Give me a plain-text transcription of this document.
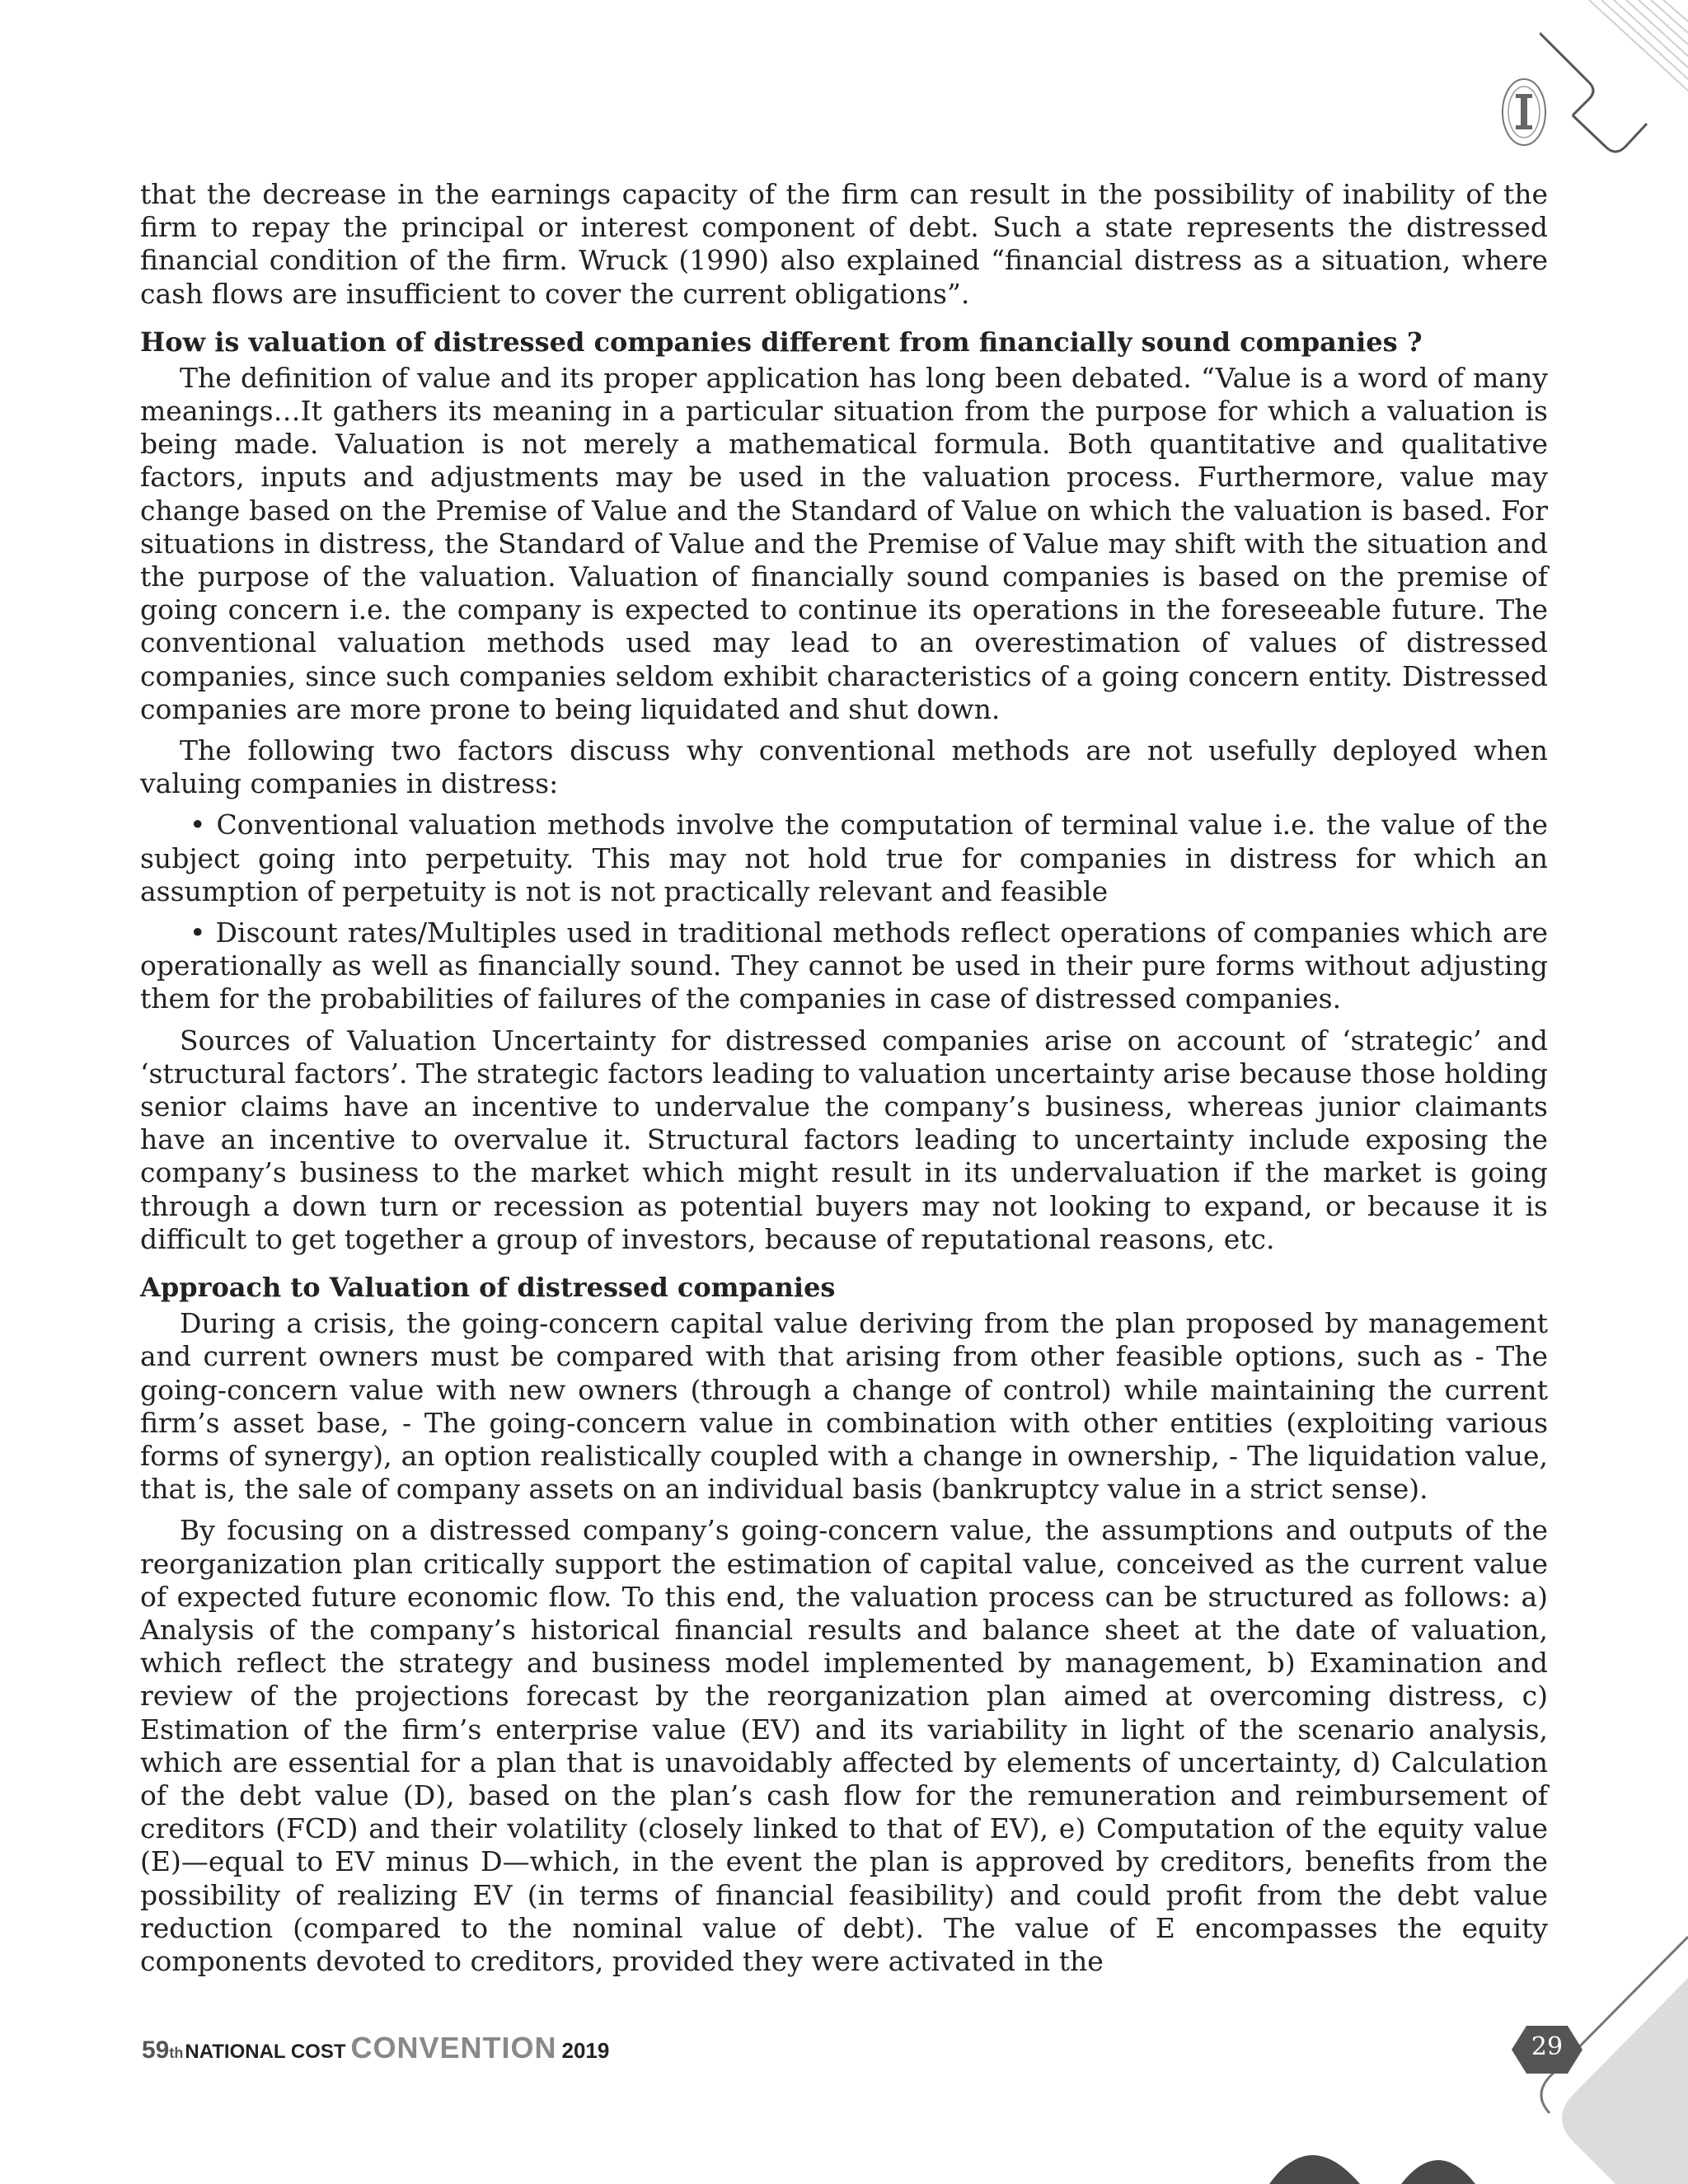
that the decrease in the earnings capacity of the firm can result in the possibility of inability of the firm to repay the principal or interest component of debt. Such a state represents the distressed financial condition of the firm. Wruck (1990) also explained “financial distress as a situation, where cash flows are insufficient to cover the current obligations”.

How is valuation of distressed companies different from financially sound companies ?

The definition of value and its proper application has long been debated. “Value is a word of many meanings…It gathers its meaning in a particular situation from the purpose for which a valuation is being made. Valuation is not merely a mathematical formula. Both quantitative and qualitative factors, inputs and adjustments may be used in the valuation process. Furthermore, value may change based on the Premise of Value and the Standard of Value on which the valuation is based. For situations in distress, the Standard of Value and the Premise of Value may shift with the situation and the purpose of the valuation. Valuation of financially sound companies is based on the premise of going concern i.e. the company is expected to continue its operations in the foreseeable future. The conventional valuation methods used may lead to an overestimation of values of distressed companies, since such companies seldom exhibit characteristics of a going concern entity. Distressed companies are more prone to being liquidated and shut down.

The following two factors discuss why conventional methods are not usefully deployed when valuing companies in distress:

• Conventional valuation methods involve the computation of terminal value i.e. the value of the subject going into perpetuity. This may not hold true for companies in distress for which an assumption of perpetuity is not is not practically relevant and feasible

• Discount rates/Multiples used in traditional methods reflect operations of companies which are operationally as well as financially sound. They cannot be used in their pure forms without adjusting them for the probabilities of failures of the companies in case of distressed companies.

Sources of Valuation Uncertainty for distressed companies arise on account of ‘strategic’ and ‘structural factors’. The strategic factors leading to valuation uncertainty arise because those holding senior claims have an incentive to undervalue the company’s business, whereas junior claimants have an incentive to overvalue it. Structural factors leading to uncertainty include exposing the company’s business to the market which might result in its undervaluation if the market is going through a down turn or recession as potential buyers may not looking to expand, or because it is difficult to get together a group of investors, because of reputational reasons, etc.

Approach to Valuation of distressed companies

During a crisis, the going-concern capital value deriving from the plan proposed by management and current owners must be compared with that arising from other feasible options, such as - The going-concern value with new owners (through a change of control) while maintaining the current firm’s asset base, - The going-concern value in combination with other entities (exploiting various forms of synergy), an option realistically coupled with a change in ownership, - The liquidation value, that is, the sale of company assets on an individual basis (bankruptcy value in a strict sense).

By focusing on a distressed company’s going-concern value, the assumptions and outputs of the reorganization plan critically support the estimation of capital value, conceived as the current value of expected future economic flow. To this end, the valuation process can be structured as follows: a) Analysis of the company’s historical financial results and balance sheet at the date of valuation, which reflect the strategy and business model implemented by management, b) Examination and review of the projections forecast by the reorganization plan aimed at overcoming distress, c) Estimation of the firm’s enterprise value (EV) and its variability in light of the scenario analysis, which are essential for a plan that is unavoidably affected by elements of uncertainty, d) Calculation of the debt value (D), based on the plan’s cash flow for the remuneration and reimbursement of creditors (FCD) and their volatility (closely linked to that of EV), e) Computation of the equity value (E)—equal to EV minus D—which, in the event the plan is approved by creditors, benefits from the possibility of realizing EV (in terms of financial feasibility) and could profit from the debt value reduction (compared to the nominal value of debt). The value of E encompasses the equity components devoted to creditors, provided they were activated in the

59 th NATIONAL COST CONVENTION 2019	29
